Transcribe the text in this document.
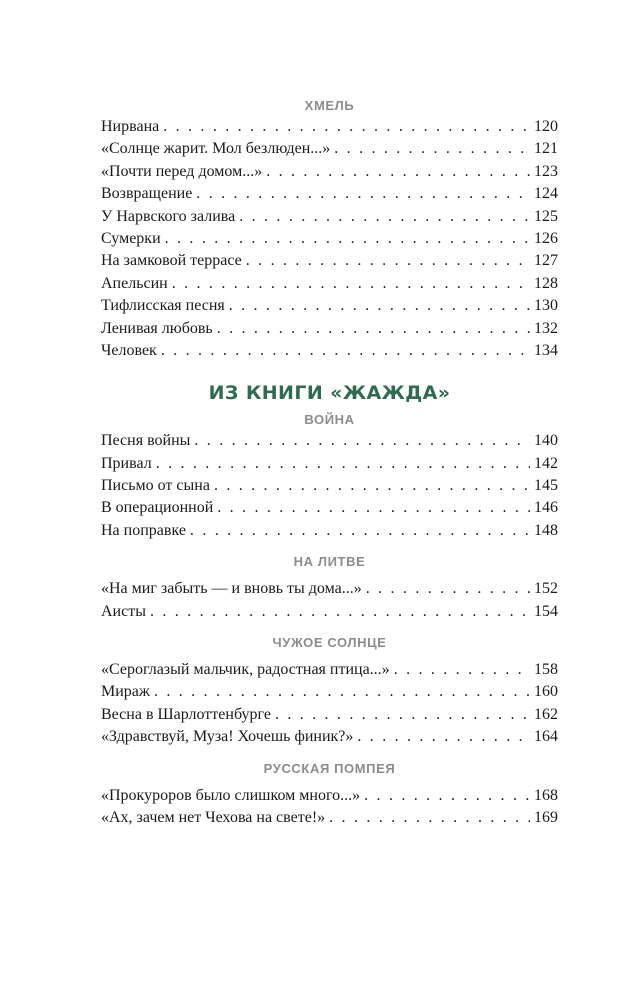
ХМЕЛЬ
Нирвана . . .	120
«Солнце жарит. Мол безлюден...» . . .	121
«Почти перед домом...» . . .	123
Возвращение . . .	124
У Нарвского залива . . .	125
Сумерки . . .	126
На замковой террасе . . .	127
Апельсин . . .	128
Тифлисская песня . . .	130
Ленивая любовь . . .	132
Человек . . .	134
ИЗ КНИГИ «ЖАЖДА»
ВОЙНА
Песня войны . . .	140
Привал . . .	142
Письмо от сына . . .	145
В операционной . . .	146
На поправке . . .	148
НА ЛИТВЕ
«На миг забыть — и вновь ты дома...» . . .	152
Аисты . . .	154
ЧУЖОЕ СОЛНЦЕ
«Сероглазый мальчик, радостная птица...» . . .	158
Мираж . . .	160
Весна в Шарлоттенбурге . . .	162
«Здравствуй, Муза! Хочешь финик?» . . .	164
РУССКАЯ ПОМПЕЯ
«Прокуроров было слишком много...» . . .	168
«Ах, зачем нет Чехова на свете!» . . .	169
